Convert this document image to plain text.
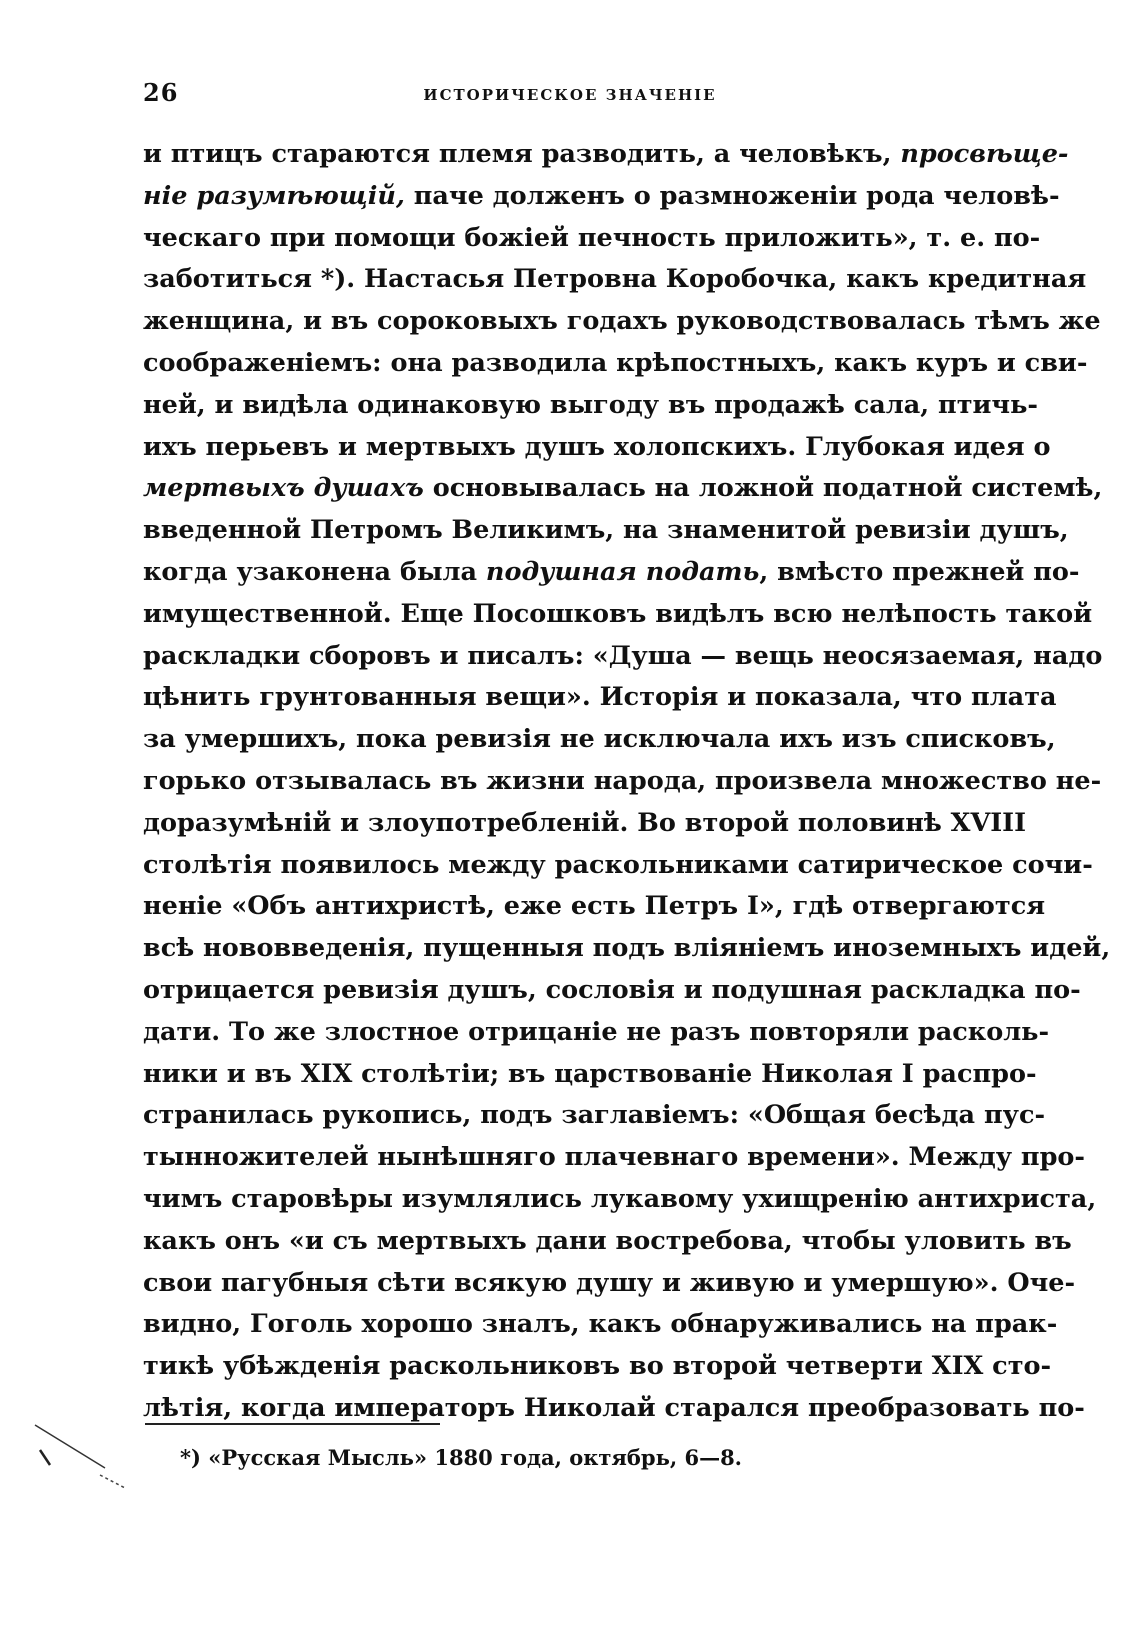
26	ИСТОРИЧЕСКОЕ ЗНАЧЕНIЕ
и птицъ стараются племя разводить, а человѣкъ, просвѣще-
нiе разумѣющiй, паче долженъ о размноженiи рода человѣ-
ческаго при помощи божiей печность приложить», т. е. по-
заботиться *). Настасья Петровна Коробочка, какъ кредитная
женщина, и въ сороковыхъ годахъ руководствовалась тѣмъ же
соображенiемъ: она разводила крѣпостныхъ, какъ куръ и сви-
ней, и видѣла одинаковую выгоду въ продажѣ сала, птичь-
ихъ перьевъ и мертвыхъ душъ холопскихъ. Глубокая идея о
мертвыхъ душахъ основывалась на ложной податной системѣ,
введенной Петромъ Великимъ, на знаменитой ревизiи душъ,
когда узаконена была подушная подать, вмѣсто прежней по-
имущественной. Еще Посошковъ видѣлъ всю нелѣпость такой
раскладки сборовъ и писалъ: «Душа — вещь неосязаемая, надо
цѣнить грунтованныя вещи». Исторiя и показала, что плата
за умершихъ, пока ревизiя не исключала ихъ изъ списковъ,
горько отзывалась въ жизни народа, произвела множество не-
доразумѣнiй и злоупотребленiй. Во второй половинѣ XVIII
столѣтiя появилось между раскольниками сатирическое сочи-
ненiе «Объ антихристѣ, еже есть Петръ I», гдѣ отвергаются
всѣ нововведенiя, пущенныя подъ влiянiемъ иноземныхъ идей,
отрицается ревизiя душъ, сословiя и подушная раскладка по-
дати. То же злостное отрицанiе не разъ повторяли расколь-
ники и въ XIX столѣтiи; въ царствованiе Николая I распро-
странилась рукопись, подъ заглавiемъ: «Общая бесѣда пус-
тынножителей нынѣшняго плачевнаго времени». Между про-
чимъ старовѣры изумлялись лукавому ухищренiю антихриста,
какъ онъ «и съ мертвыхъ дани востребова, чтобы уловить въ
свои пагубныя сѣти всякую душу и живую и умершую». Оче-
видно, Гоголь хорошо зналъ, какъ обнаруживались на прак-
тикѣ убѣжденiя раскольниковъ во второй четверти XIX сто-
лѣтiя, когда императоръ Николай старался преобразовать по-
*) «Русская Мысль» 1880 года, октябрь, 6—8.
